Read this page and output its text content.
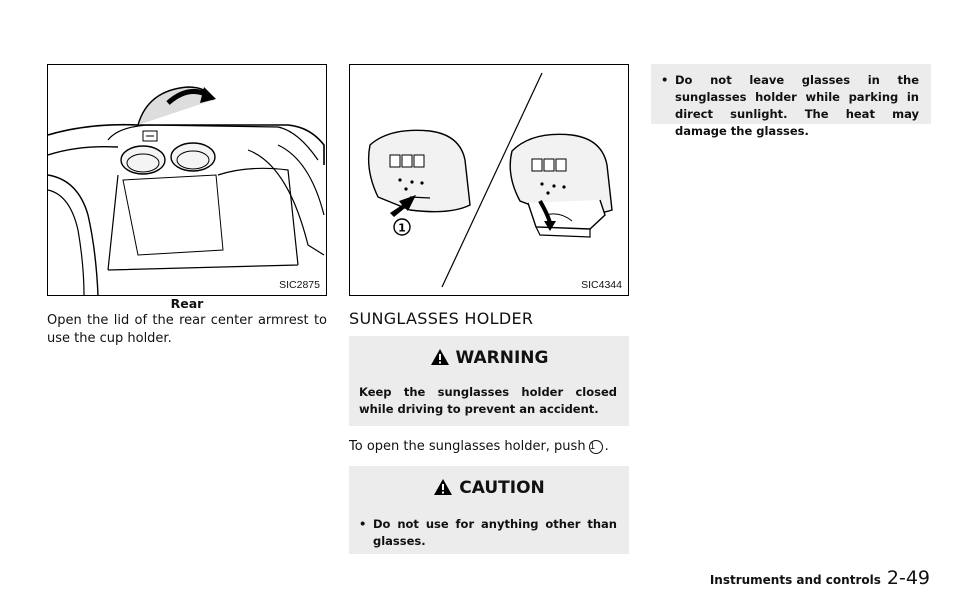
SIC2875
Rear
Open the lid of the rear center armrest to use the cup holder.
1
SIC4344
SUNGLASSES HOLDER
WARNING
Keep the sunglasses holder closed while driving to prevent an accident.
To open the sunglasses holder, push 1 .
CAUTION
• Do not use for anything other than glasses.
• Do not leave glasses in the sunglasses holder while parking in direct sunlight. The heat may damage the glasses.
Instruments and controls 2-49
